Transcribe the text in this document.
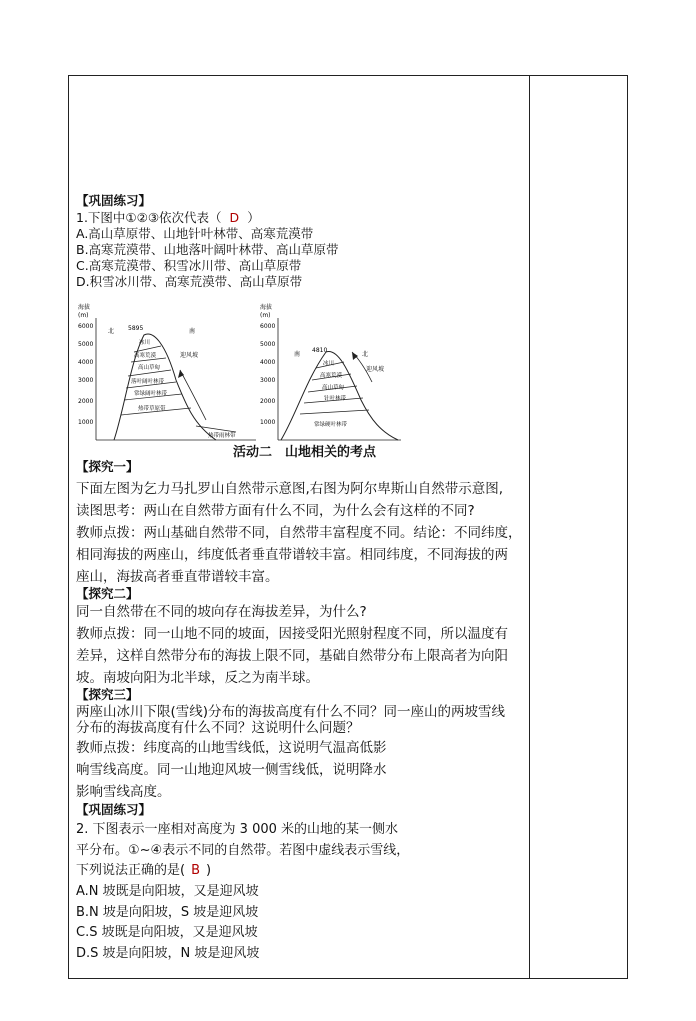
【巩固练习】
1.下图中①②③依次代表（ D ）
A.高山草原带、山地针叶林带、高寒荒漠带
B.高寒荒漠带、山地落叶阔叶林带、高山草原带
C.高寒荒漠带、积雪冰川带、高山草原带
D.积雪冰川带、高寒荒漠带、高山草原带
海拔
(m)
6000
5000
4000
3000
2000
1000
北 5895	南
迎风坡
冰川
高寒荒漠
高山草甸
落叶阔叶林带
常绿阔叶林带
热带草原带
热带雨林带
海拔
(m)
6000
5000
4000
3000
2000
1000
南
4810
北
迎风坡
冰川
高寒荒漠
高山草甸
针叶林带
常绿硬叶林带
活动二　山地相关的考点
【探究一】
下面左图为乞力马扎罗山自然带示意图,右图为阿尔卑斯山自然带示意图,
读图思考：两山在自然带方面有什么不同，为什么会有这样的不同?
教师点拨：两山基础自然带不同，自然带丰富程度不同。结论：不同纬度，
相同海拔的两座山，纬度低者垂直带谱较丰富。相同纬度，不同海拔的两
座山，海拔高者垂直带谱较丰富。
【探究二】
同一自然带在不同的坡向存在海拔差异，为什么?
教师点拨：同一山地不同的坡面，因接受阳光照射程度不同，所以温度有
差异，这样自然带分布的海拔上限不同，基础自然带分布上限高者为向阳
坡。南坡向阳为北半球，反之为南半球。
【探究三】
两座山冰川下限(雪线)分布的海拔高度有什么不同？同一座山的两坡雪线
分布的海拔高度有什么不同？这说明什么问题？
教师点拨：纬度高的山地雪线低，这说明气温高低影
响雪线高度。同一山地迎风坡一侧雪线低，说明降水
影响雪线高度。
【巩固练习】
2. 下图表示一座相对高度为 3 000 米的山地的某一侧水
平分布。①~④表示不同的自然带。若图中虚线表示雪线，
下列说法正确的是( B )
A.N 坡既是向阳坡，又是迎风坡
B.N 坡是向阳坡，S 坡是迎风坡
C.S 坡既是向阳坡，又是迎风坡
D.S 坡是向阳坡，N 坡是迎风坡
